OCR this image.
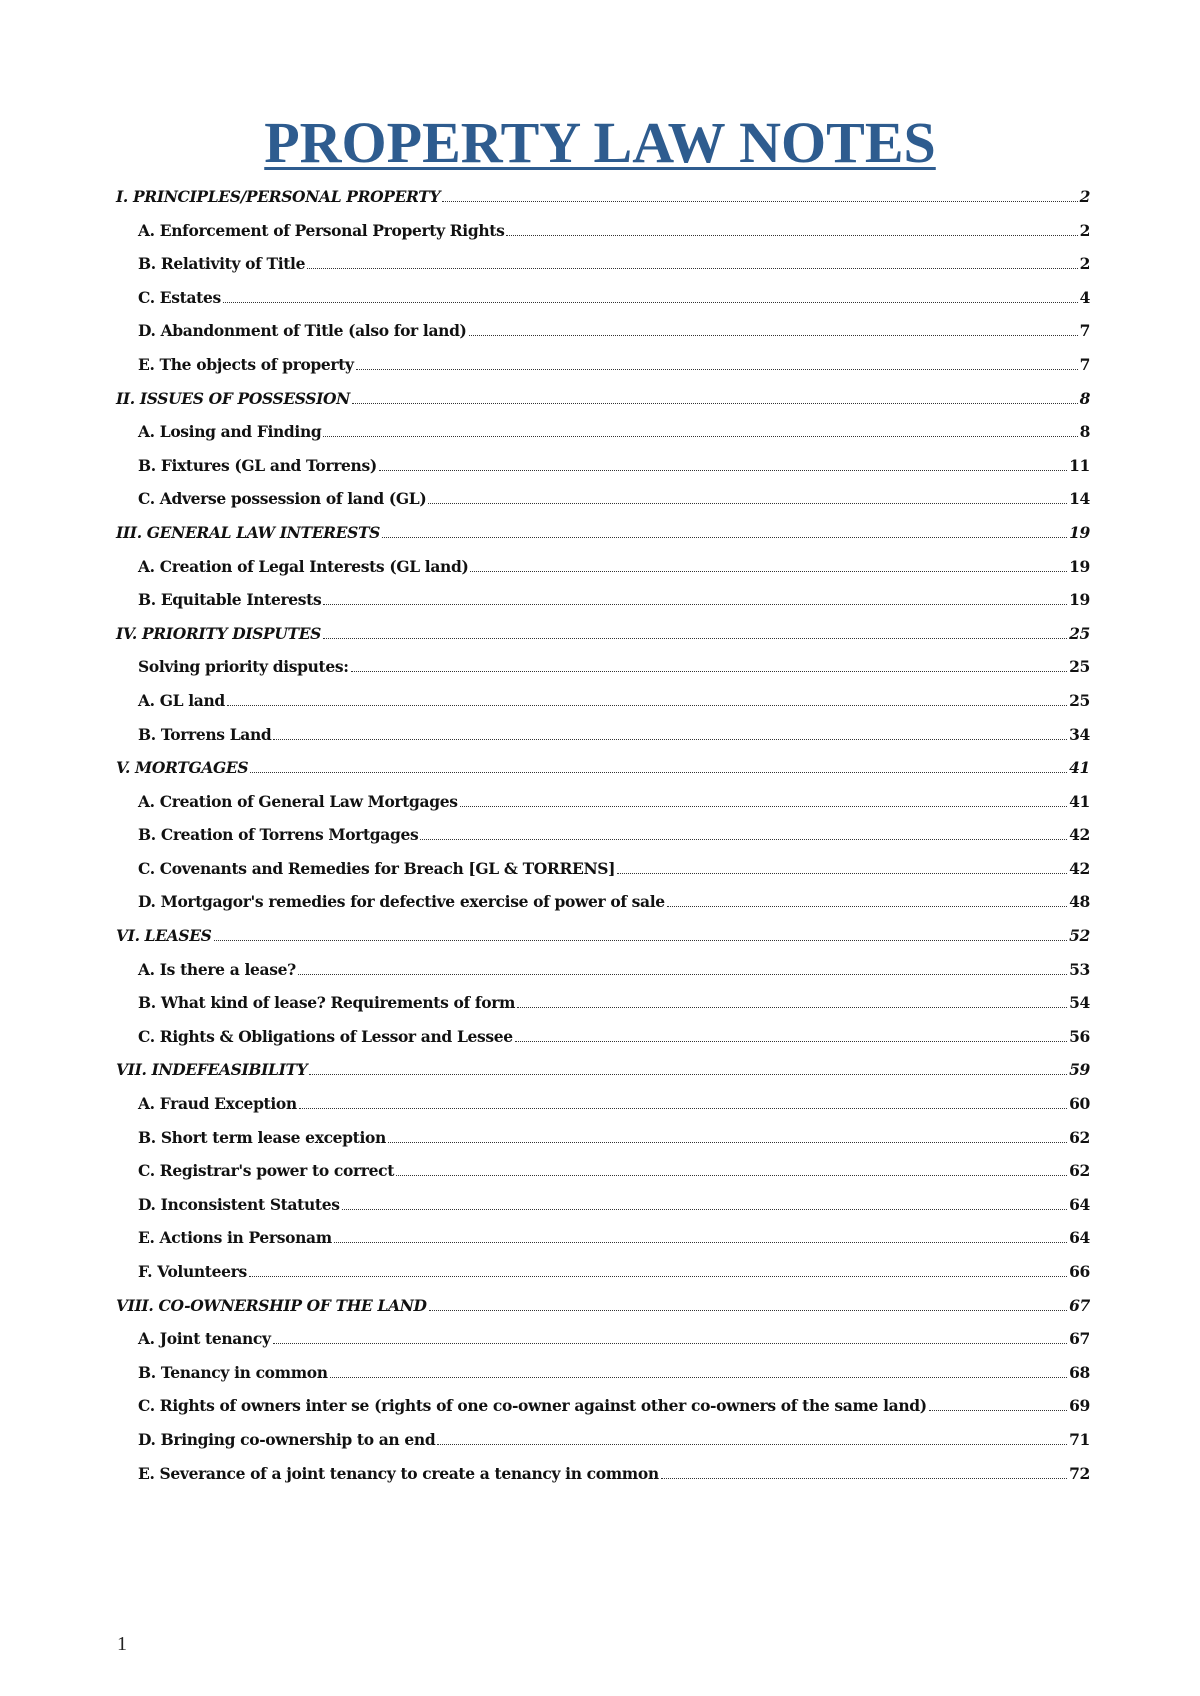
PROPERTY LAW NOTES
I. PRINCIPLES/PERSONAL PROPERTY	2
A. Enforcement of Personal Property Rights	2
B. Relativity of Title	2
C. Estates	4
D. Abandonment of Title (also for land)	7
E. The objects of property	7
II. ISSUES OF POSSESSION	8
A. Losing and Finding	8
B. Fixtures (GL and Torrens)	11
C. Adverse possession of land (GL)	14
III. GENERAL LAW INTERESTS	19
A. Creation of Legal Interests (GL land)	19
B. Equitable Interests	19
IV. PRIORITY DISPUTES	25
Solving priority disputes:	25
A. GL land	25
B. Torrens Land	34
V. MORTGAGES	41
A. Creation of General Law Mortgages	41
B. Creation of Torrens Mortgages	42
C. Covenants and Remedies for Breach [GL & TORRENS]	42
D. Mortgagor's remedies for defective exercise of power of sale	48
VI. LEASES	52
A. Is there a lease?	53
B. What kind of lease? Requirements of form	54
C. Rights & Obligations of Lessor and Lessee	56
VII. INDEFEASIBILITY	59
A. Fraud Exception	60
B. Short term lease exception	62
C. Registrar's power to correct	62
D. Inconsistent Statutes	64
E. Actions in Personam	64
F. Volunteers	66
VIII. CO-OWNERSHIP OF THE LAND	67
A. Joint tenancy	67
B. Tenancy in common	68
C. Rights of owners inter se (rights of one co-owner against other co-owners of the same land)	69
D. Bringing co-ownership to an end	71
E. Severance of a joint tenancy to create a tenancy in common	72
1
